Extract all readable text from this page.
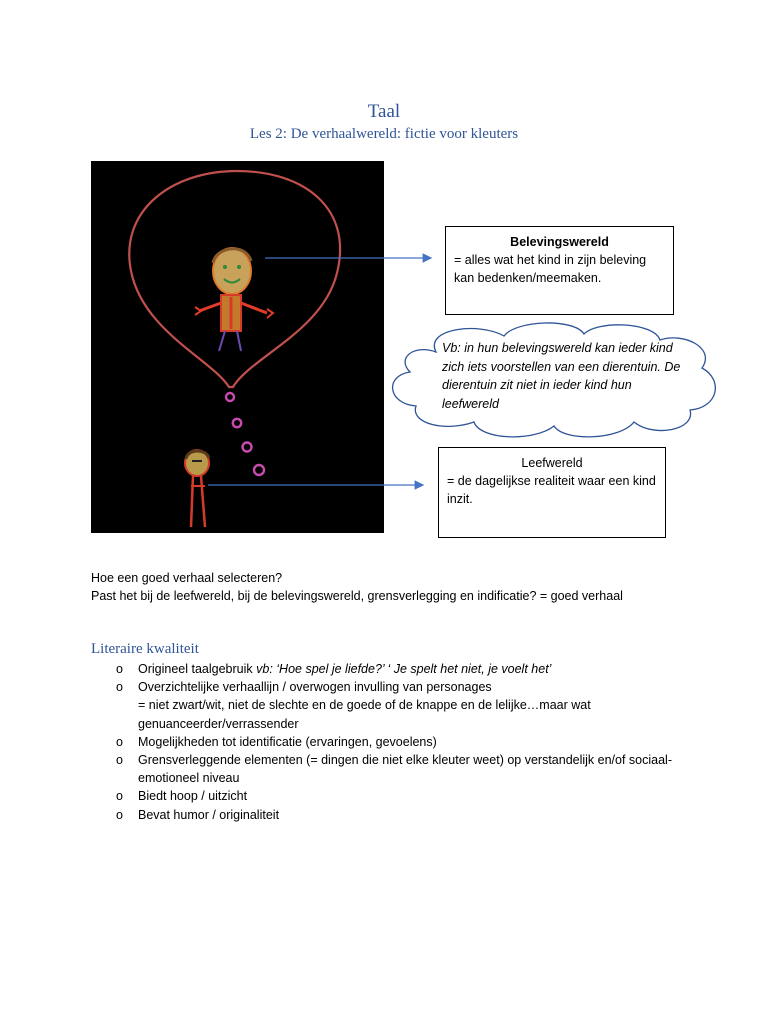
Taal
Les 2: De verhaalwereld: fictie voor kleuters
Belevingswereld
= alles wat het kind in zijn beleving kan bedenken/meemaken.
Vb: in hun belevingswereld kan ieder kind zich iets voorstellen van een dierentuin. De dierentuin zit niet in ieder kind hun leefwereld
Leefwereld
= de dagelijkse realiteit waar een kind inzit.
Hoe een goed verhaal selecteren?
Past het bij de leefwereld, bij de belevingswereld, grensverlegging en indificatie? = goed verhaal
Literaire kwaliteit
o Origineel taalgebruik vb: ‘Hoe spel je liefde?’ ‘ Je spelt het niet, je voelt het’
o Overzichtelijke verhaallijn / overwogen invulling van personages
= niet zwart/wit, niet de slechte en de goede of de knappe en de lelijke…maar wat genuanceerder/verrassender
o Mogelijkheden tot identificatie (ervaringen, gevoelens)
o Grensverleggende elementen (= dingen die niet elke kleuter weet) op verstandelijk en/of sociaal-emotioneel niveau
o Biedt hoop / uitzicht
o Bevat humor / originaliteit
